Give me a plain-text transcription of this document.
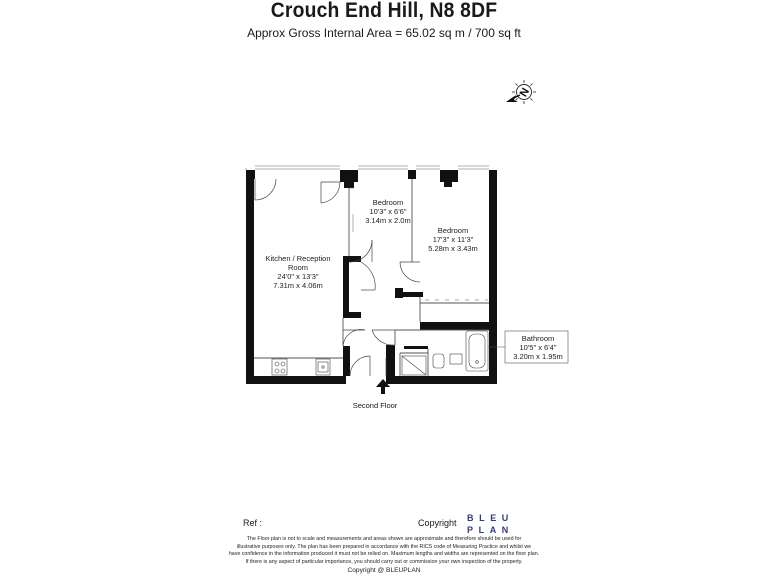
Crouch End Hill, N8 8DF
Approx Gross Internal Area = 65.02 sq m / 700 sq ft
N
Kitchen / Reception
Room
24'0" x 13'3"
7.31m x 4.06m
Bedroom
10'3" x 6'6"
3.14m x 2.0m
Bedroom
17'3" x 11'3"
5.28m x 3.43m
Bathroom
10'5" x 6'4"
3.20m x 1.95m
Second Floor
Ref :	Copyright BLEU
PLAN
The Floor plan is not to scale and measurements and areas shown are approximate and therefore should be used for
illustrative purposes only. The plan has been prepared in accordance with the RICS code of Measuring Practice and whilst we
have confidence in the information produced it must not be relied on. Maximum lengths and widths are represented on the floor plan.
If there is any aspect of particular importance, you should carry out or commission your own inspection of the property.
Copyright @ BLEUPLAN
